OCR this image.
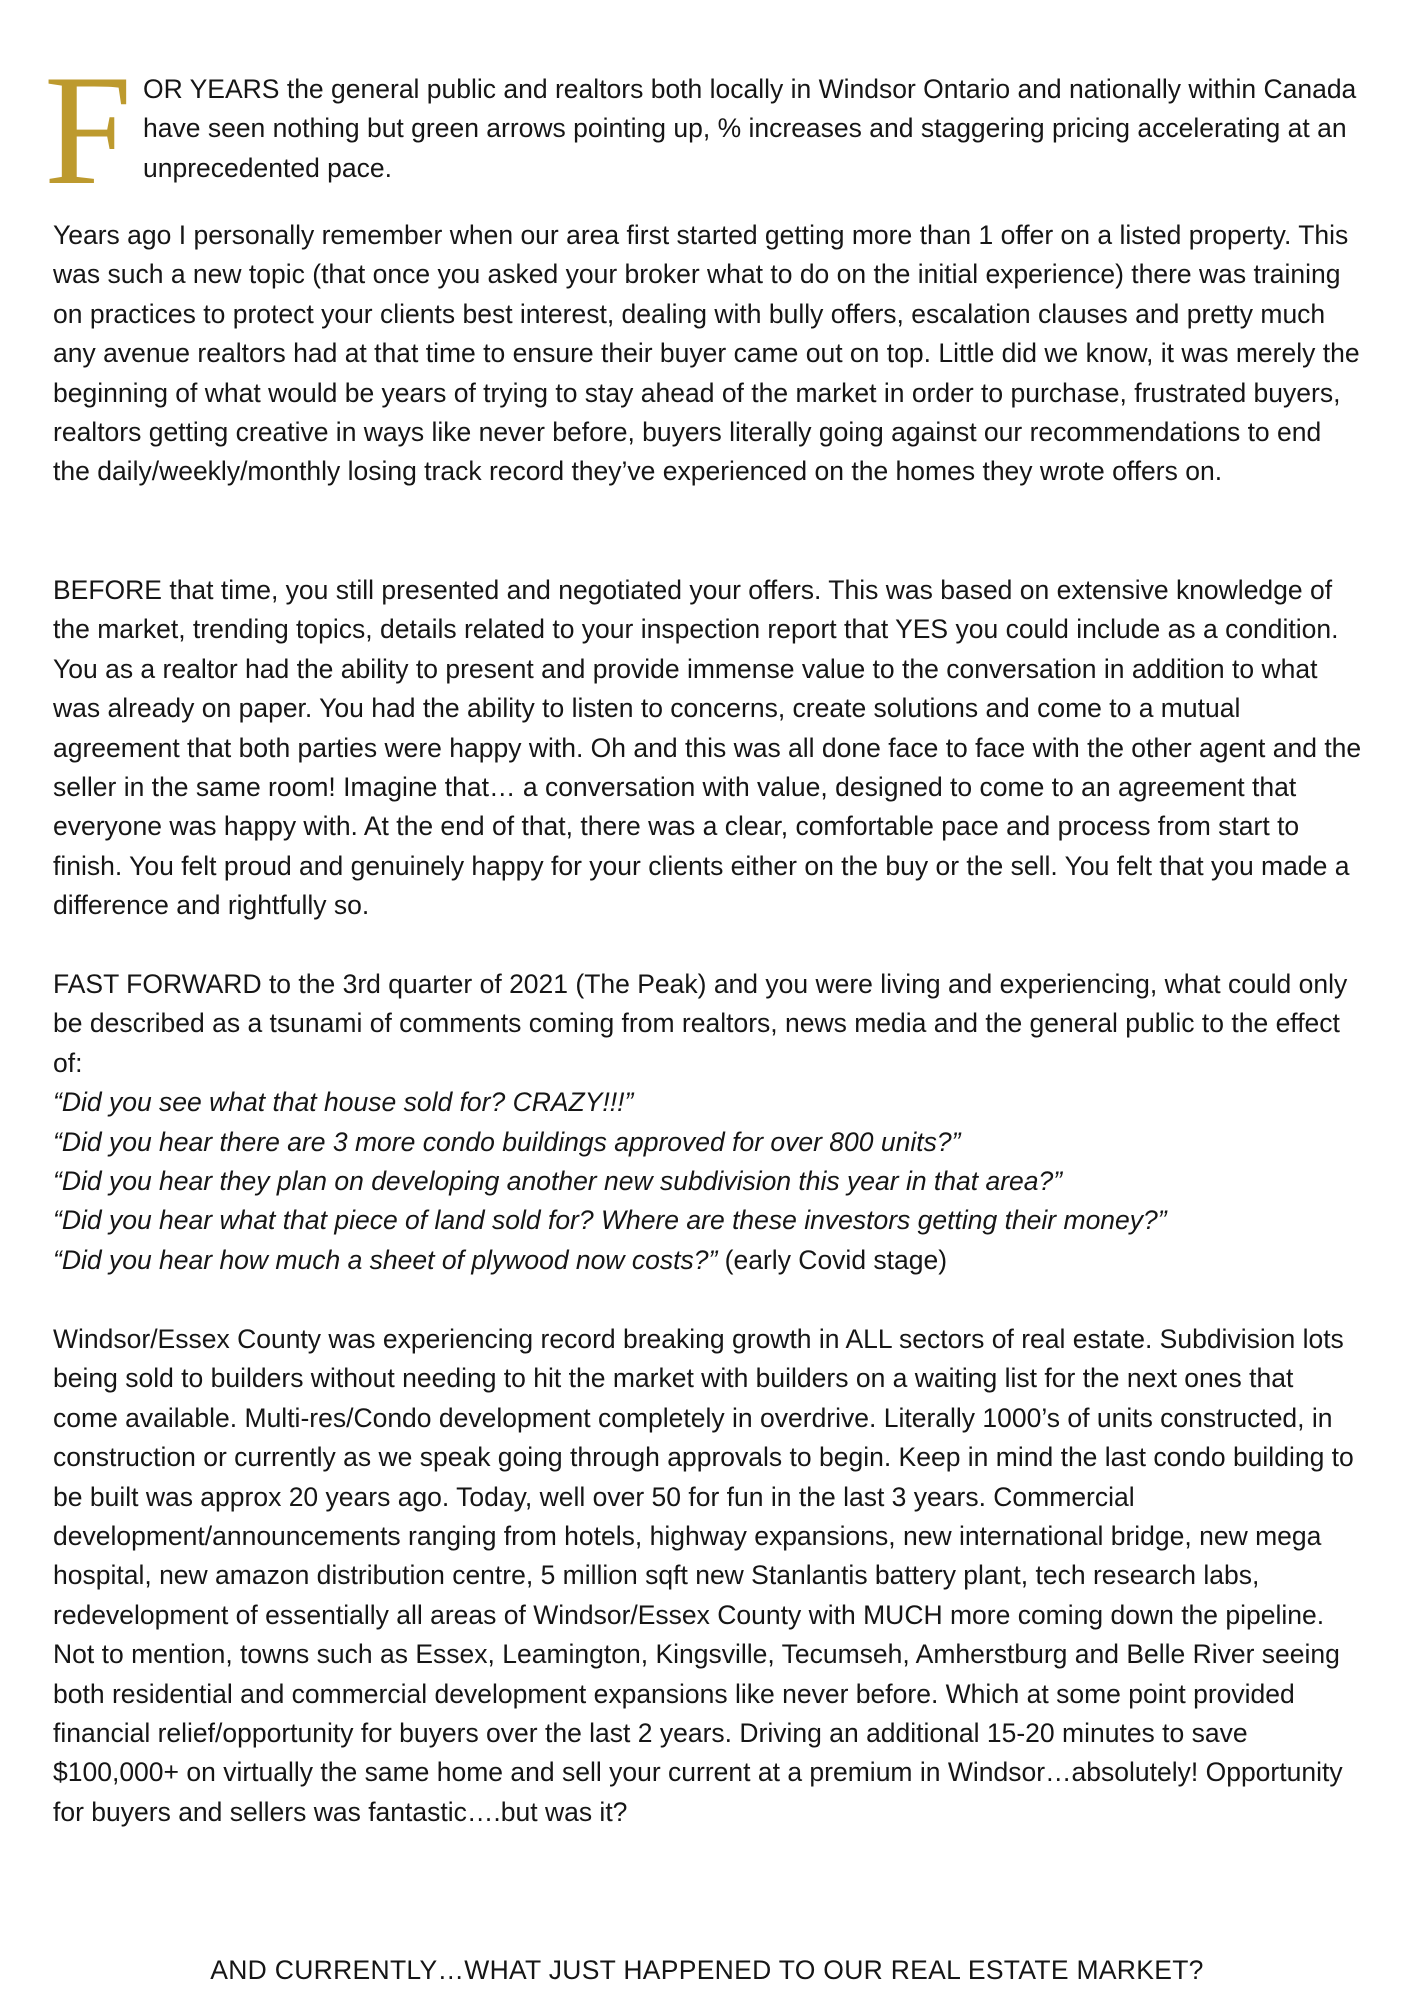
F OR YEARS the general public and realtors both locally in Windsor Ontario and nationally within Canada have seen nothing but green arrows pointing up, % increases and staggering pricing accelerating at an unprecedented pace.

Years ago I personally remember when our area first started getting more than 1 offer on a listed property. This was such a new topic (that once you asked your broker what to do on the initial experience) there was training on practices to protect your clients best interest, dealing with bully offers, escalation clauses and pretty much any avenue realtors had at that time to ensure their buyer came out on top. Little did we know, it was merely the beginning of what would be years of trying to stay ahead of the market in order to purchase, frustrated buyers, realtors getting creative in ways like never before, buyers literally going against our recommendations to end the daily/weekly/monthly losing track record they’ve experienced on the homes they wrote offers on.

BEFORE that time, you still presented and negotiated your offers. This was based on extensive knowledge of the market, trending topics, details related to your inspection report that YES you could include as a condition. You as a realtor had the ability to present and provide immense value to the conversation in addition to what was already on paper. You had the ability to listen to concerns, create solutions and come to a mutual agreement that both parties were happy with. Oh and this was all done face to face with the other agent and the seller in the same room! Imagine that… a conversation with value, designed to come to an agreement that everyone was happy with. At the end of that, there was a clear, comfortable pace and process from start to finish. You felt proud and genuinely happy for your clients either on the buy or the sell. You felt that you made a difference and rightfully so.

FAST FORWARD to the 3rd quarter of 2021 (The Peak) and you were living and experiencing, what could only be described as a tsunami of comments coming from realtors, news media and the general public to the effect of:
“Did you see what that house sold for? CRAZY!!!”
“Did you hear there are 3 more condo buildings approved for over 800 units?”
“Did you hear they plan on developing another new subdivision this year in that area?”
“Did you hear what that piece of land sold for? Where are these investors getting their money?”
“Did you hear how much a sheet of plywood now costs?” (early Covid stage)

Windsor/Essex County was experiencing record breaking growth in ALL sectors of real estate. Subdivision lots being sold to builders without needing to hit the market with builders on a waiting list for the next ones that come available. Multi-res/Condo development completely in overdrive. Literally 1000’s of units constructed, in construction or currently as we speak going through approvals to begin. Keep in mind the last condo building to be built was approx 20 years ago. Today, well over 50 for fun in the last 3 years. Commercial development/announcements ranging from hotels, highway expansions, new international bridge, new mega hospital, new amazon distribution centre, 5 million sqft new Stanlantis battery plant, tech research labs, redevelopment of essentially all areas of Windsor/Essex County with MUCH more coming down the pipeline. Not to mention, towns such as Essex, Leamington, Kingsville, Tecumseh, Amherstburg and Belle River seeing both residential and commercial development expansions like never before. Which at some point provided financial relief/opportunity for buyers over the last 2 years. Driving an additional 15-20 minutes to save $100,000+ on virtually the same home and sell your current at a premium in Windsor…absolutely! Opportunity for buyers and sellers was fantastic….but was it?

AND CURRENTLY…WHAT JUST HAPPENED TO OUR REAL ESTATE MARKET?
